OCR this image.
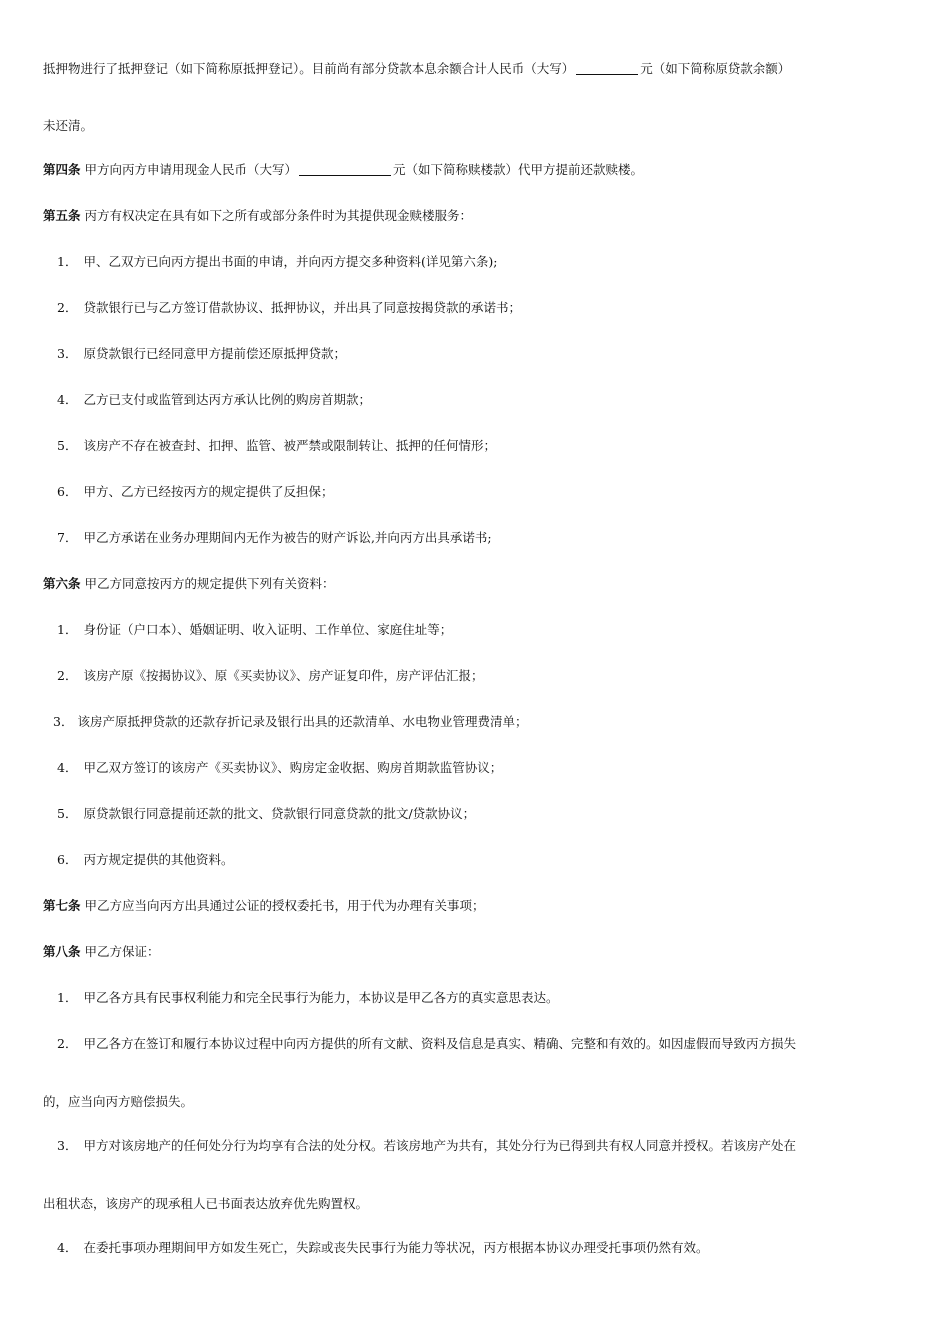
抵押物进行了抵押登记（如下简称原抵押登记）。目前尚有部分贷款本息余额合计人民币（大写）	元（如下简称原贷款余额）
未还清。
第四条 甲方向丙方申请用现金人民币（大写）	元（如下简称赎楼款）代甲方提前还款赎楼。
第五条 丙方有权决定在具有如下之所有或部分条件时为其提供现金赎楼服务：
1． 甲、乙双方已向丙方提出书面的申请，并向丙方提交多种资料(详见第六条);
2． 贷款银行已与乙方签订借款协议、抵押协议，并出具了同意按揭贷款的承诺书；
3． 原贷款银行已经同意甲方提前偿还原抵押贷款；
4． 乙方已支付或监管到达丙方承认比例的购房首期款；
5． 该房产不存在被查封、扣押、监管、被严禁或限制转让、抵押的任何情形；
6． 甲方、乙方已经按丙方的规定提供了反担保；
7． 甲乙方承诺在业务办理期间内无作为被告的财产诉讼,并向丙方出具承诺书;
第六条 甲乙方同意按丙方的规定提供下列有关资料：
1． 身份证（户口本）、婚姻证明、收入证明、工作单位、家庭住址等；
2． 该房产原《按揭协议》、原《买卖协议》、房产证复印件，房产评估汇报；
3． 该房产原抵押贷款的还款存折记录及银行出具的还款清单、水电物业管理费清单；
4． 甲乙双方签订的该房产《买卖协议》、购房定金收据、购房首期款监管协议；
5． 原贷款银行同意提前还款的批文、贷款银行同意贷款的批文/贷款协议；
6． 丙方规定提供的其他资料。
第七条 甲乙方应当向丙方出具通过公证的授权委托书，用于代为办理有关事项；
第八条 甲乙方保证：
1． 甲乙各方具有民事权利能力和完全民事行为能力，本协议是甲乙各方的真实意思表达。
2． 甲乙各方在签订和履行本协议过程中向丙方提供的所有文献、资料及信息是真实、精确、完整和有效的。如因虚假而导致丙方损失
的，应当向丙方赔偿损失。
3． 甲方对该房地产的任何处分行为均享有合法的处分权。若该房地产为共有，其处分行为已得到共有权人同意并授权。若该房产处在
出租状态，该房产的现承租人已书面表达放弃优先购置权。
4． 在委托事项办理期间甲方如发生死亡，失踪或丧失民事行为能力等状况，丙方根据本协议办理受托事项仍然有效。
